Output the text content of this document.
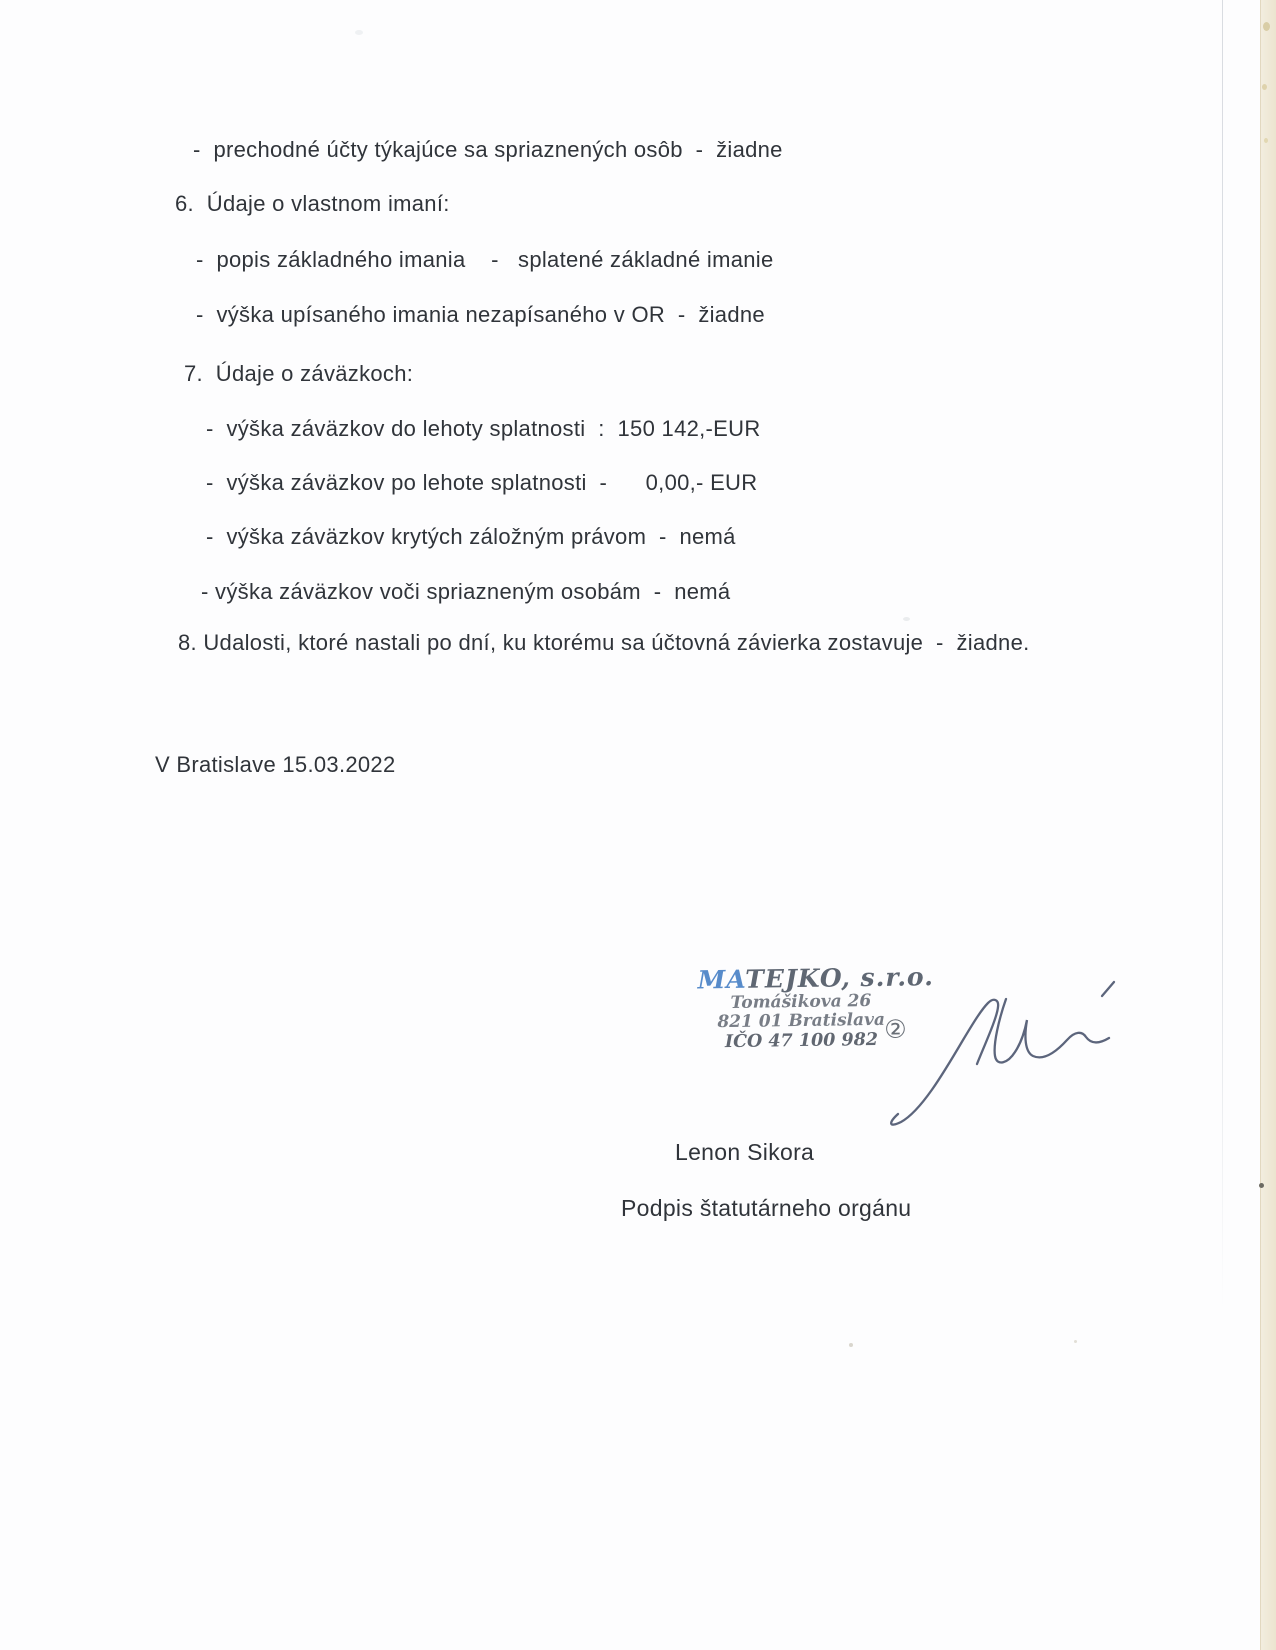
-  prechodné účty týkajúce sa spriaznených osôb  -  žiadne
6.  Údaje o vlastnom imaní:
-  popis základného imania    -   splatené základné imanie
-  výška upísaného imania nezapísaného v OR  -  žiadne
7.  Údaje o záväzkoch:
-  výška záväzkov do lehoty splatnosti  :  150 142,-EUR
-  výška záväzkov po lehote splatnosti  -      0,00,- EUR
-  výška záväzkov krytých záložným právom  -  nemá
- výška záväzkov voči spriazneným osobám  -  nemá
8. Udalosti, ktoré nastali po dní, ku ktorému sa účtovná závierka zostavuje  -  žiadne.
V Bratislave 15.03.2022
MATEJKO, s.r.o.
Tomášikova 26
821 01 Bratislava
IČO 47 100 982 ②
Lenon Sikora
Podpis štatutárneho orgánu
